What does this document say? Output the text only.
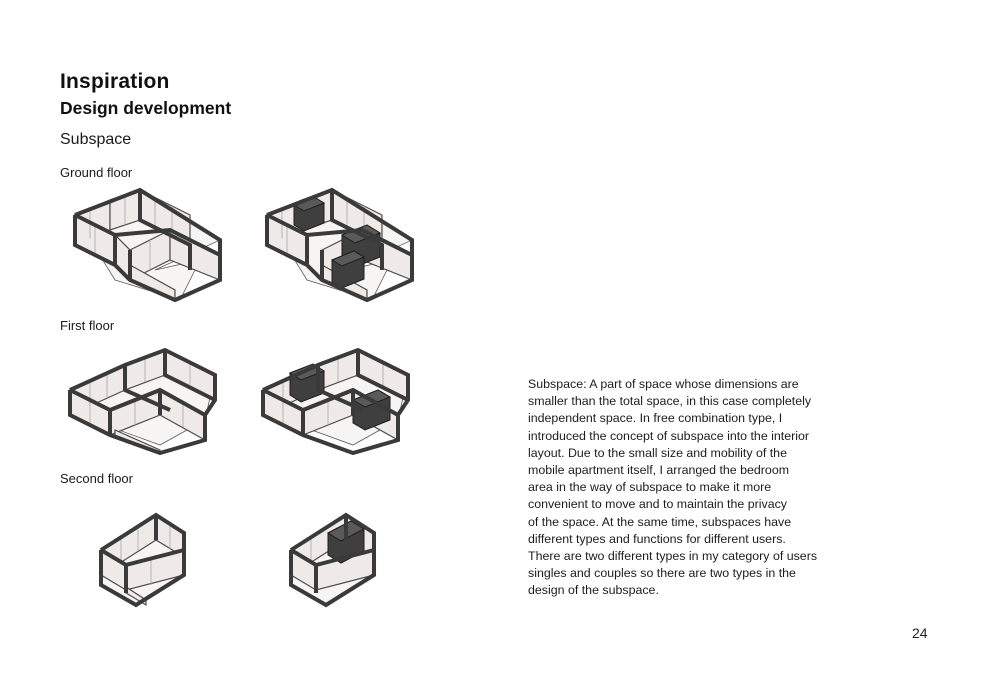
Inspiration
Design development
Subspace
Ground floor
First floor
Second floor

Subspace: A part of space whose dimensions are
smaller than the total space, in this case completely
independent space. In free combination type, I
introduced the concept of subspace into the interior
layout. Due to the small size and mobility of the
mobile apartment itself, I arranged the bedroom
area in the way of subspace to make it more
convenient to move and to maintain the privacy
of the space. At the same time, subspaces have
different types and functions for different users.
There are two different types in my category of users
singles and couples so there are two types in the
design of the subspace.

24
